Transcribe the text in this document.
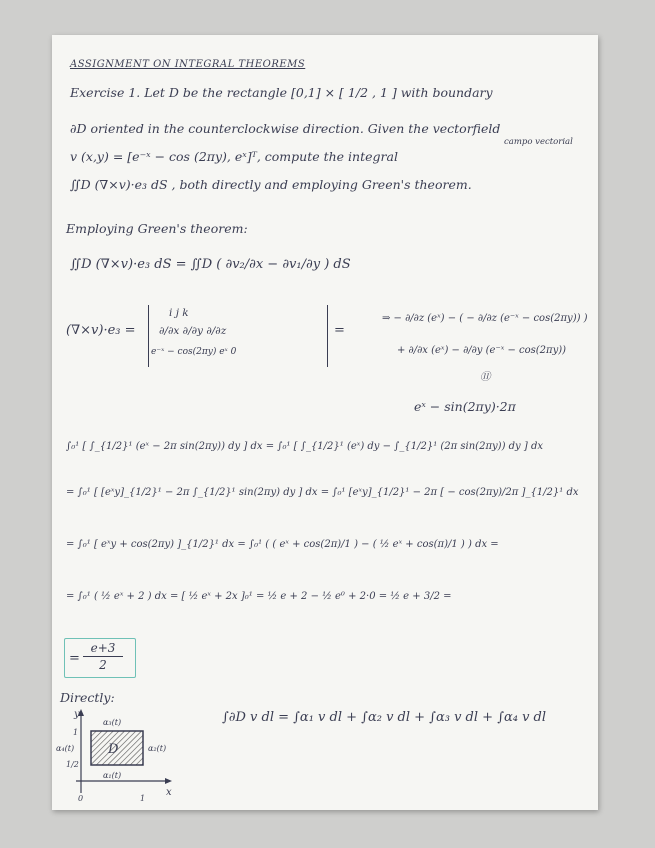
ASSIGNMENT ON INTEGRAL THEOREMS
Exercise 1. Let D be the rectangle [0,1] × [ 1/2 , 1 ] with boundary
∂D oriented in the counterclockwise direction. Given the vectorfield
campo vectorial
v (x,y) = [e⁻ˣ − cos (2πy), eˣ]ᵀ, compute the integral
∬D (∇×v)·e₃ dS , both directly and employing Green's theorem.
Employing Green's theorem:
∬D (∇×v)·e₃ dS = ∬D ( ∂v₂/∂x − ∂v₁/∂y ) dS
(∇×v)·e₃ =
i j k
∂/∂x ∂/∂y ∂/∂z
e⁻ˣ − cos(2πy) eˣ 0
=
⇒ − ∂/∂z (eˣ) − ( − ∂/∂z (e⁻ˣ − cos(2πy)) )
+ ∂/∂x (eˣ) − ∂/∂y (e⁻ˣ − cos(2πy))
⑪
eˣ − sin(2πy)·2π
∫₀¹ [ ∫_{1/2}¹ (eˣ − 2π sin(2πy)) dy ] dx = ∫₀¹ [ ∫_{1/2}¹ (eˣ) dy − ∫_{1/2}¹ (2π sin(2πy)) dy ] dx
= ∫₀¹ [ [eˣy]_{1/2}¹ − 2π ∫_{1/2}¹ sin(2πy) dy ] dx = ∫₀¹ [eˣy]_{1/2}¹ − 2π [ − cos(2πy)/2π ]_{1/2}¹ dx
= ∫₀¹ [ eˣy + cos(2πy) ]_{1/2}¹ dx = ∫₀¹ ( ( eˣ + cos(2π)/1 ) − ( ½ eˣ + cos(π)/1 ) ) dx =
= ∫₀¹ ( ½ eˣ + 2 ) dx = [ ½ eˣ + 2x ]₀¹ = ½ e + 2 − ½ e⁰ + 2·0 = ½ e + 3/2 =
= $\frac{e+3}{2}$
Directly:
∫∂D v dl = ∫α₁ v dl + ∫α₂ v dl + ∫α₃ v dl + ∫α₄ v dl
y
x
D
α₃(t)
α₂(t)
α₁(t)
α₄(t)
1
1/2
0	1
